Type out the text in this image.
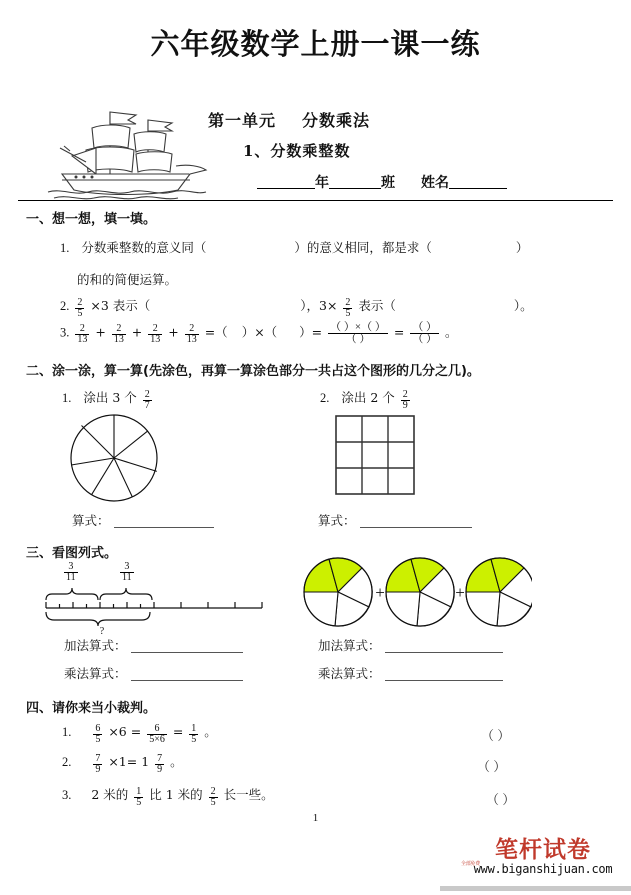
六年级数学上册一课一练
第一单元 分数乘法
1、分数乘整数
年	班 姓名
一、想一想，填一填。
1. 分数乘整数的意义同（	）的意义相同，都是求（	）
的和的简便运算。
2. $\frac{2}{5} \times 3$ 表示（	），$3\times \frac{2}{5}$ 表示（	）。
3. $\frac{2}{13} + \frac{2}{13} + \frac{2}{13} + \frac{2}{13}$ =（ ）×（ ）= $\frac{( )\times( )}{( )} = \frac{( )}{( )}$ 。
二、涂一涂，算一算(先涂色，再算一算涂色部分一共占这个图形的几分之几)。
1. 涂出 3 个 $\frac{2}{7}$
算式：
2. 涂出 2 个 $\frac{2}{9}$
算式：
三、看图列式。
$\frac{3}{11}$	$\frac{3}{11}$
?
加法算式：
乘法算式：
+	+
加法算式：
乘法算式：
四、请你来当小裁判。
1. $\frac{6}{5} \times 6 = \frac{6}{5\times 6} = \frac{1}{5}$ 。	（ ）
2. $\frac{7}{9} \times 1= 1 \frac{7}{9}$ 。	（ ）
3. 2 米的 $\frac{1}{5}$ 比 1 米的 $\frac{2}{5}$ 长一些。	（ ）
1
笔杆试卷
www.biganshijuan.com
全部免费
